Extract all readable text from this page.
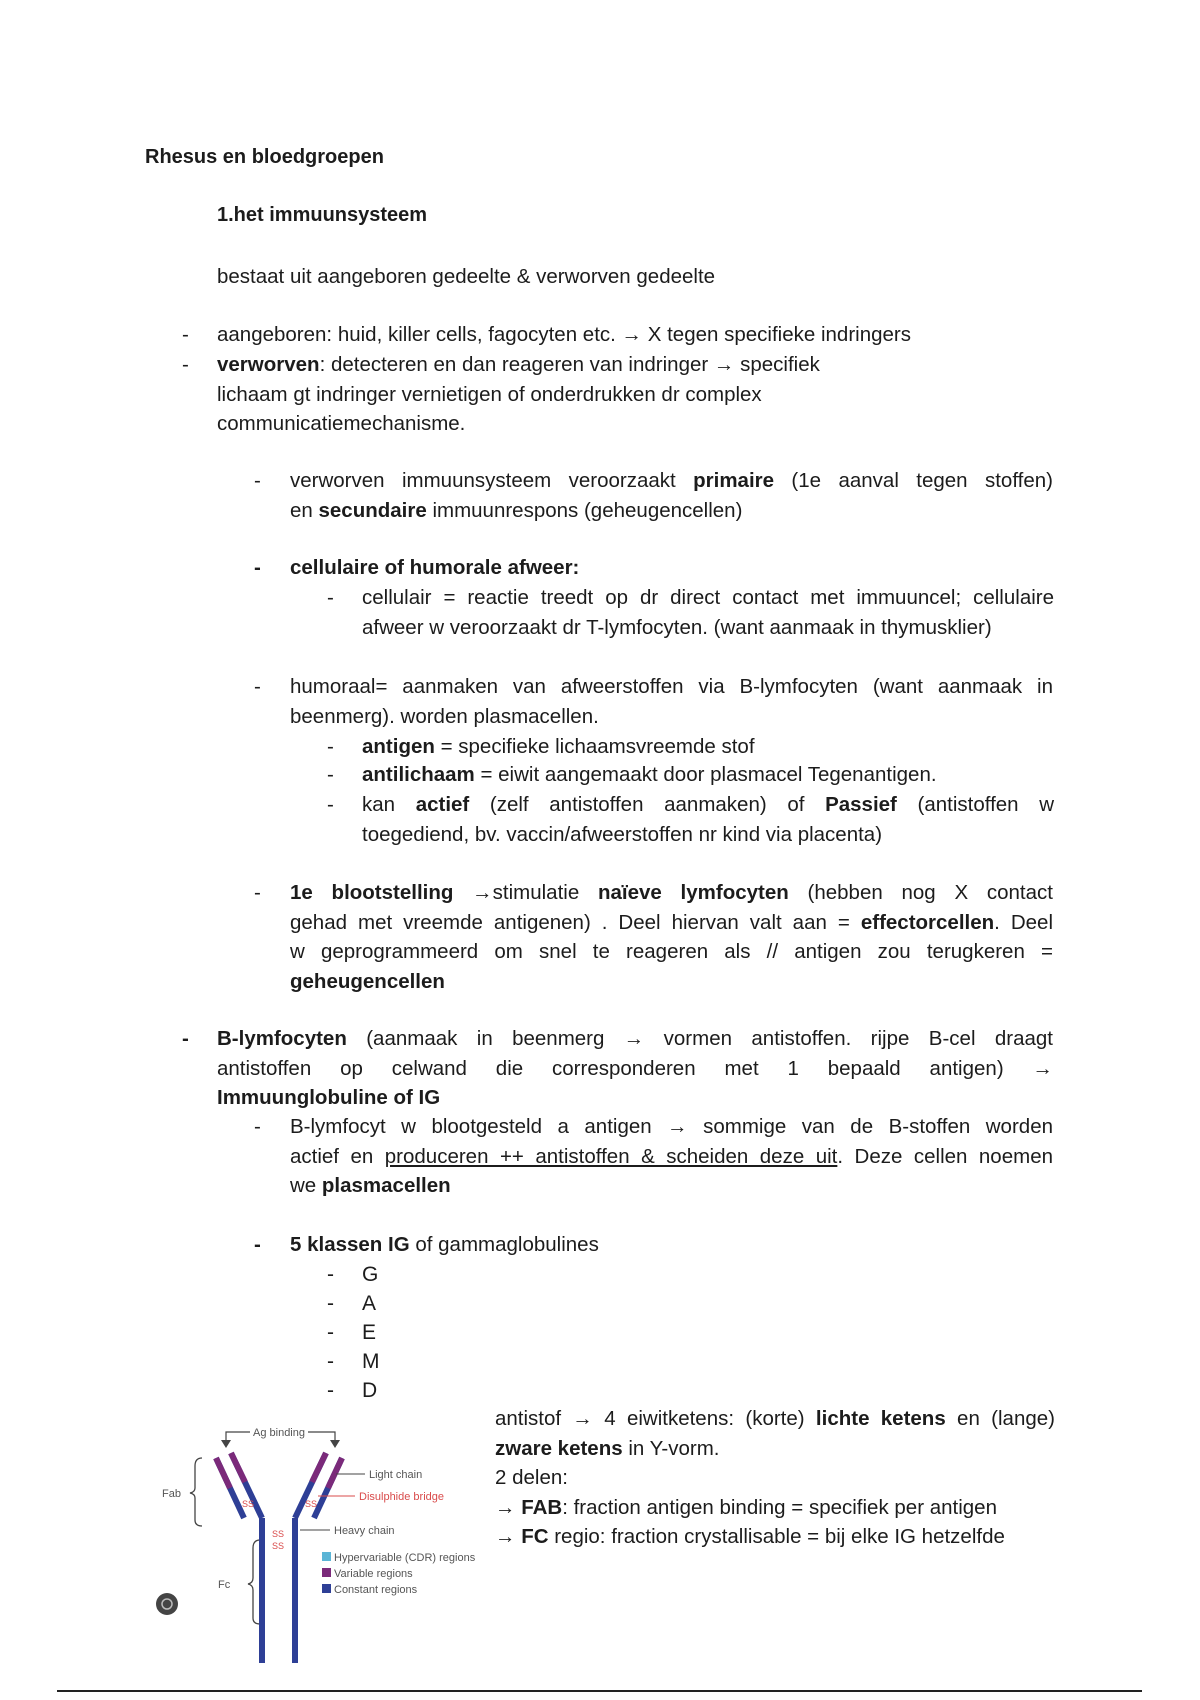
Rhesus en bloedgroepen

1.het immuunsysteem

bestaat uit aangeboren gedeelte & verworven gedeelte

- aangeboren: huid, killer cells, fagocyten etc. → X tegen specifieke indringers

- verworven: detecteren en dan reageren van indringer → specifiek
lichaam gt indringer vernietigen of onderdrukken dr complex
communicatiemechanisme.
- verworven immuunsysteem veroorzaakt primaire (1e aanval tegen stoffen)
en secundaire immuunrespons (geheugencellen)
- cellulaire of humorale afweer:

- cellulair = reactie treedt op dr direct contact met immuuncel; cellulaire
afweer w veroorzaakt dr T-lymfocyten. (want aanmaak in thymusklier)
- humoraal= aanmaken van afweerstoffen via B-lymfocyten (want aanmaak in
beenmerg). worden plasmacellen.
- antigen = specifieke lichaamsvreemde stof

- antilichaam = eiwit aangemaakt door plasmacel Tegenantigen.

- kan actief (zelf antistoffen aanmaken) of Passief (antistoffen w
toegediend, bv. vaccin/afweerstoffen nr kind via placenta)
- 1e blootstelling →stimulatie naïeve lymfocyten (hebben nog X contact
gehad met vreemde antigenen) . Deel hiervan valt aan = effectorcellen. Deel
w geprogrammeerd om snel te reageren als // antigen zou terugkeren =
geheugencellen
- B-lymfocyten (aanmaak in beenmerg → vormen antistoffen. rijpe B-cel draagt
antistoffen op celwand die corresponderen met 1 bepaald antigen) →
Immuunglobuline of IG
- B-lymfocyt w blootgesteld a antigen → sommige van de B-stoffen worden
actief en produceren ++ antistoffen & scheiden deze uit. Deze cellen noemen
we plasmacellen
- 5 klassen IG of gammaglobulines

- G
- A
- E
- M
- D
antistof → 4 eiwitketens: (korte) lichte ketens en (lange)
zware ketens in Y-vorm.
2 delen:
→ FAB: fraction antigen binding = specifiek per antigen
→ FC regio: fraction crystallisable = bij elke IG hetzelfde
Ag binding
Fab
Fc
SS	SS
SS
SS
Light chain
Disulphide bridge
Heavy chain
Hypervariable (CDR) regions
Variable regions
Constant regions
